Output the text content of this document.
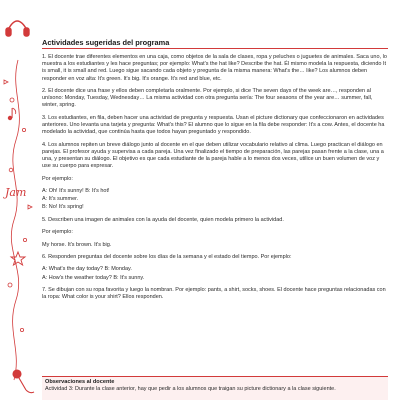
Jam
Actividades sugeridas del programa

1. El docente trae diferentes elementos en una caja, como objetos de la sala de clases, ropa y peluches o juguetes de animales. Saca uno, lo muestra a los estudiantes y les hace preguntas; por ejemplo: What's the hat like? Describe the hat. Él mismo modela la respuesta, diciendo It is small, it is small and red. Luego sigue sacando cada objeto y pregunta de la misma manera: What's the… like? Los alumnos deben responder en voz alta: It's green. It's big. It's orange. It's red and blue, etc.

2. El docente dice una frase y ellos deben completarla oralmente. Por ejemplo, si dice The seven days of the week are…, responden al unísono: Monday, Tuesday, Wednesday… La misma actividad con otra pregunta sería: The four seasons of the year are… summer, fall, winter, spring.

3. Los estudiantes, en fila, deben hacer una actividad de pregunta y respuesta. Usan el picture dictionary que confeccionaron en actividades anteriores. Uno levanta una tarjeta y pregunta: What's this? El alumno que lo sigue en la fila debe responder: It's a cow. Antes, el docente ha modelado la actividad, que continúa hasta que todos hayan preguntado y respondido.

4. Los alumnos repiten un breve diálogo junto al docente en el que deben utilizar vocabulario relativo al clima. Luego practican el diálogo en parejas. El profesor ayuda y supervisa a cada pareja. Una vez finalizado el tiempo de preparación, las parejas pasan frente a la clase, una a una, y presentan su diálogo. El objetivo es que cada estudiante de la pareja hable a lo menos dos veces, utilice un buen volumen de voz y use su cuerpo para expresar.

Por ejemplo:

A: Oh! It's sunny! B: It's hot!

A: It's summer.

B: No! It's spring!

5. Describen una imagen de animales con la ayuda del docente, quien modela primero la actividad.

Por ejemplo:

My horse. It's brown. It's big.

6. Responden preguntas del docente sobre los días de la semana y el estado del tiempo. Por ejemplo:

A: What's the day today? B: Monday.

A: How's the weather today? B: It's sunny.

7. Se dibujan con su ropa favorita y luego la nombran. Por ejemplo: pants, a shirt, socks, shoes. El docente hace preguntas relacionadas con la ropa: What color is your shirt? Ellos responden.

Observaciones al docente
Actividad 3: Durante la clase anterior, hay que pedir a los alumnos que traigan su picture dictionary a la clase siguiente.
